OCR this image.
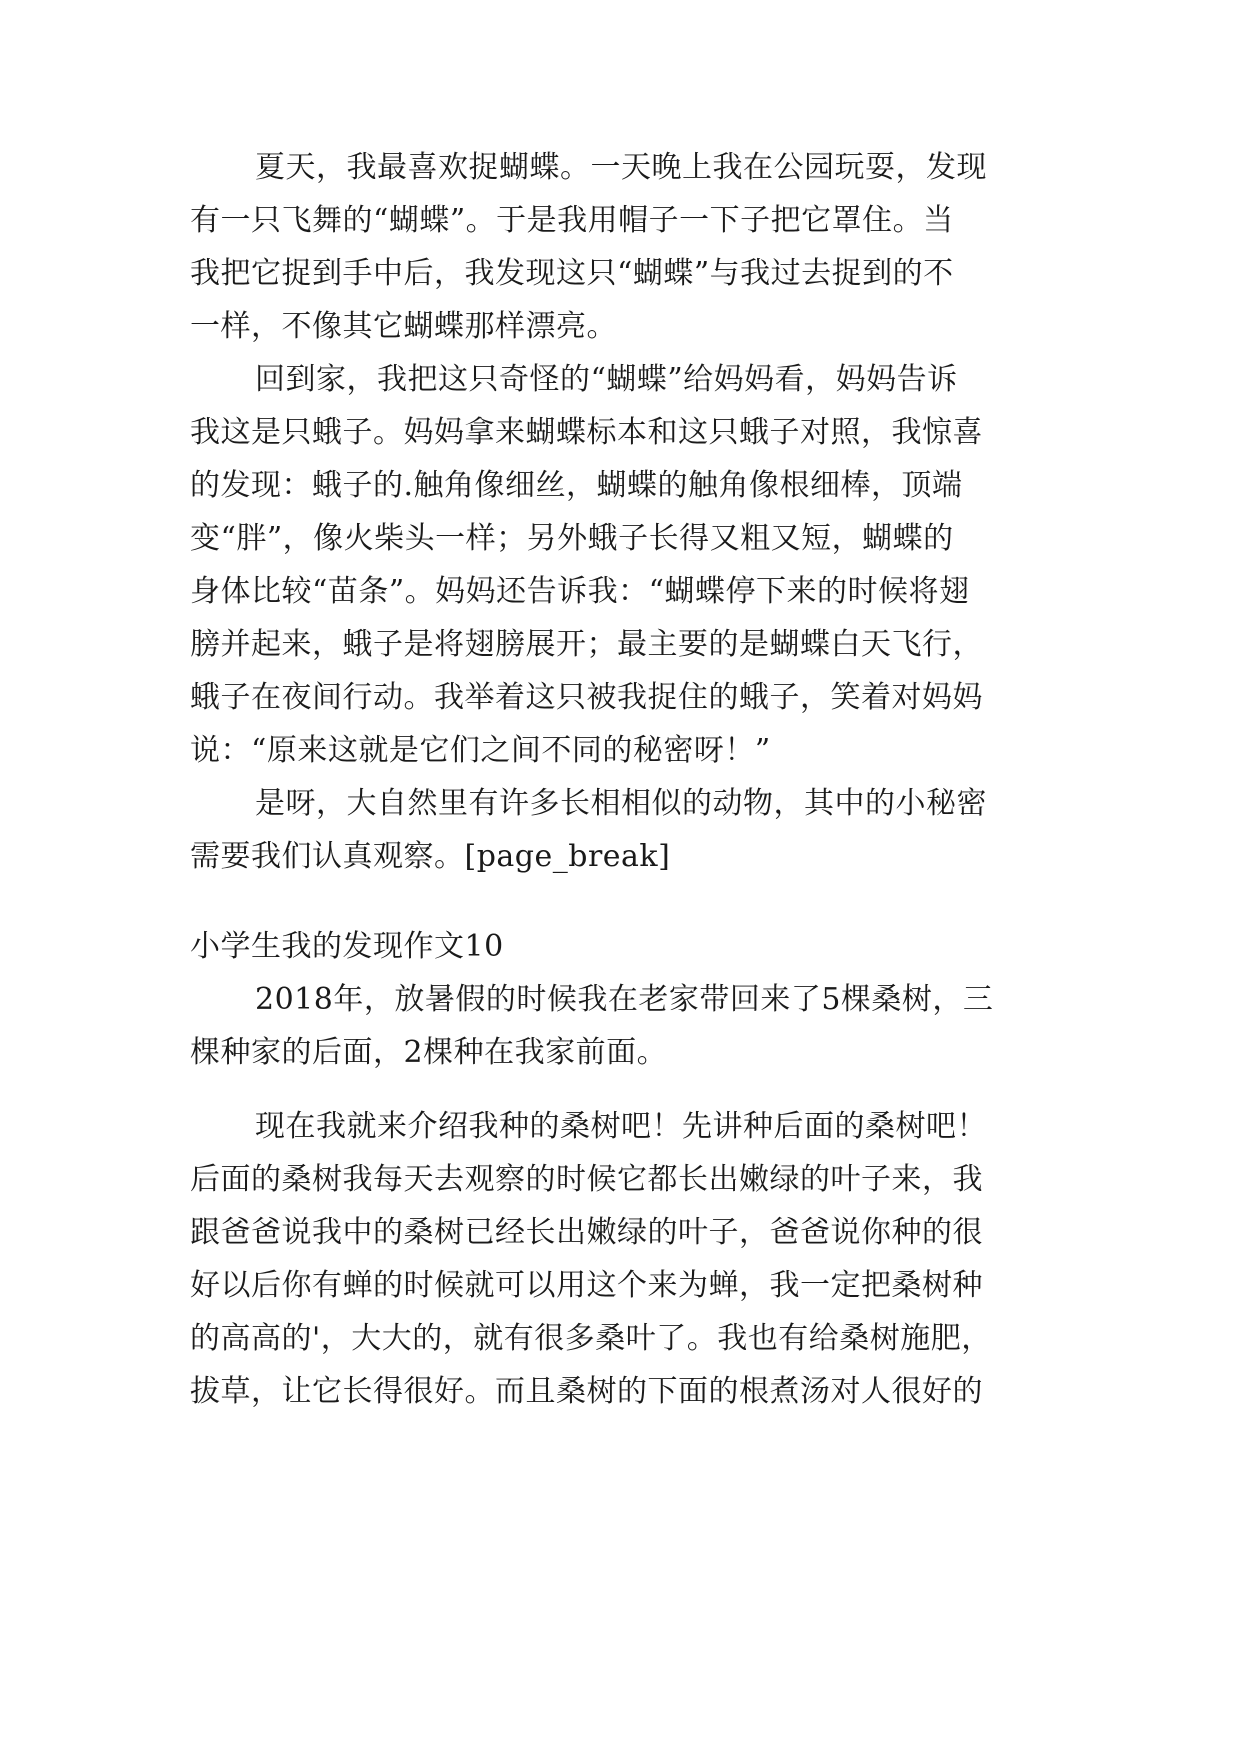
夏天，我最喜欢捉蝴蝶。一天晚上我在公园玩耍，发现
有一只飞舞的“蝴蝶”。于是我用帽子一下子把它罩住。当
我把它捉到手中后，我发现这只“蝴蝶”与我过去捉到的不
一样，不像其它蝴蝶那样漂亮。
回到家，我把这只奇怪的“蝴蝶”给妈妈看，妈妈告诉
我这是只蛾子。妈妈拿来蝴蝶标本和这只蛾子对照，我惊喜
的发现：蛾子的.触角像细丝，蝴蝶的触角像根细棒，顶端
变“胖”，像火柴头一样；另外蛾子长得又粗又短，蝴蝶的
身体比较“苗条”。妈妈还告诉我：“蝴蝶停下来的时候将翅
膀并起来，蛾子是将翅膀展开；最主要的是蝴蝶白天飞行，
蛾子在夜间行动。我举着这只被我捉住的蛾子，笑着对妈妈
说：“原来这就是它们之间不同的秘密呀！”
是呀，大自然里有许多长相相似的动物，其中的小秘密
需要我们认真观察。[page_break]
小学生我的发现作文10
2018年，放暑假的时候我在老家带回来了5棵桑树，三
棵种家的后面，2棵种在我家前面。
现在我就来介绍我种的桑树吧！先讲种后面的桑树吧！
后面的桑树我每天去观察的时候它都长出嫩绿的叶子来，我
跟爸爸说我中的桑树已经长出嫩绿的叶子，爸爸说你种的很
好以后你有蝉的时候就可以用这个来为蝉，我一定把桑树种
的高高的'，大大的，就有很多桑叶了。我也有给桑树施肥，
拔草，让它长得很好。而且桑树的下面的根煮汤对人很好的
